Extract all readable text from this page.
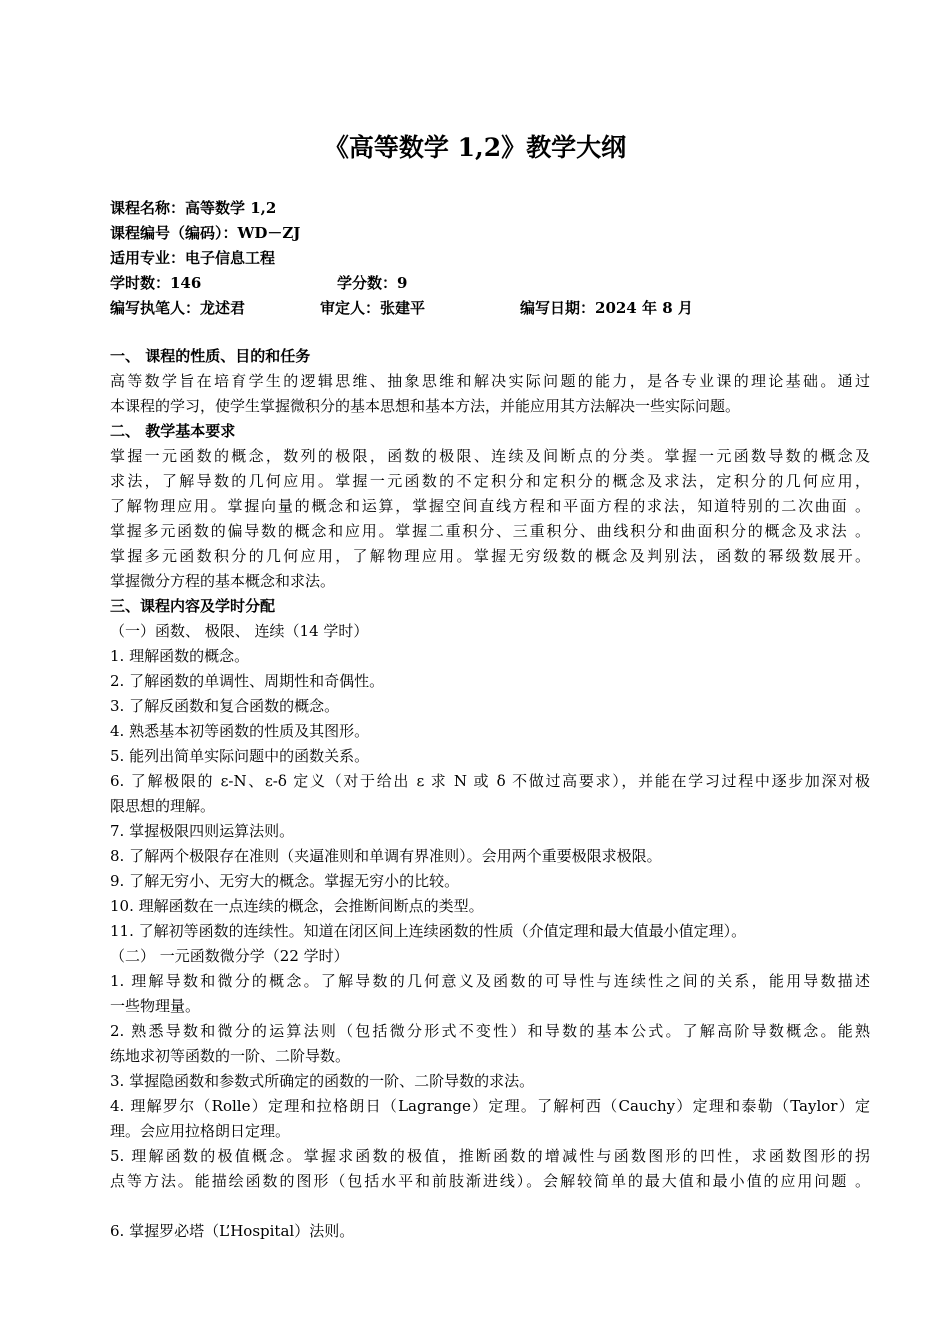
《高等数学 1,2》教学大纲
课程名称：高等数学 1,2
课程编号（编码）：WD－ZJ
适用专业：电子信息工程
学时数：146	学分数：9
编写执笔人：龙述君	审定人：张建平	编写日期：2024 年 8 月
一、 课程的性质、目的和任务
高等数学旨在培育学生的逻辑思维、抽象思维和解决实际问题的能力，是各专业课的理论基础。通过
本课程的学习，使学生掌握微积分的基本思想和基本方法，并能应用其方法解决一些实际问题。
二、 教学基本要求
掌握一元函数的概念，数列的极限，函数的极限、连续及间断点的分类。掌握一元函数导数的概念及
求法，了解导数的几何应用。掌握一元函数的不定积分和定积分的概念及求法，定积分的几何应用，
了解物理应用。掌握向量的概念和运算，掌握空间直线方程和平面方程的求法，知道特别的二次曲面 。
掌握多元函数的偏导数的概念和应用。掌握二重积分、三重积分、曲线积分和曲面积分的概念及求法 。
掌握多元函数积分的几何应用，了解物理应用。掌握无穷级数的概念及判别法，函数的幂级数展开。
掌握微分方程的基本概念和求法。
三、课程内容及学时分配
（一）函数、 极限、 连续（14 学时）
1. 理解函数的概念。
2. 了解函数的单调性、周期性和奇偶性。
3. 了解反函数和复合函数的概念。
4. 熟悉基本初等函数的性质及其图形。
5. 能列出简单实际问题中的函数关系。
6. 了解极限的 ε-N、ε-δ 定义（对于给出 ε 求 N 或 δ 不做过高要求），并能在学习过程中逐步加深对极
限思想的理解。
7. 掌握极限四则运算法则。
8. 了解两个极限存在准则（夹逼准则和单调有界准则）。会用两个重要极限求极限。
9. 了解无穷小、无穷大的概念。掌握无穷小的比较。
10. 理解函数在一点连续的概念，会推断间断点的类型。
11. 了解初等函数的连续性。知道在闭区间上连续函数的性质（介值定理和最大值最小值定理）。
（二） 一元函数微分学（22 学时）
1. 理解导数和微分的概念。了解导数的几何意义及函数的可导性与连续性之间的关系，能用导数描述
一些物理量。
2. 熟悉导数和微分的运算法则（包括微分形式不变性）和导数的基本公式。了解高阶导数概念。能熟
练地求初等函数的一阶、二阶导数。
3. 掌握隐函数和参数式所确定的函数的一阶、二阶导数的求法。
4. 理解罗尔（Rolle）定理和拉格朗日（Lagrange）定理。了解柯西（Cauchy）定理和泰勒（Taylor）定
理。会应用拉格朗日定理。
5. 理解函数的极值概念。掌握求函数的极值，推断函数的增减性与函数图形的凹性，求函数图形的拐
点等方法。能描绘函数的图形（包括水平和前肢渐进线）。会解较简单的最大值和最小值的应用问题 。
6. 掌握罗必塔（L’Hospital）法则。
